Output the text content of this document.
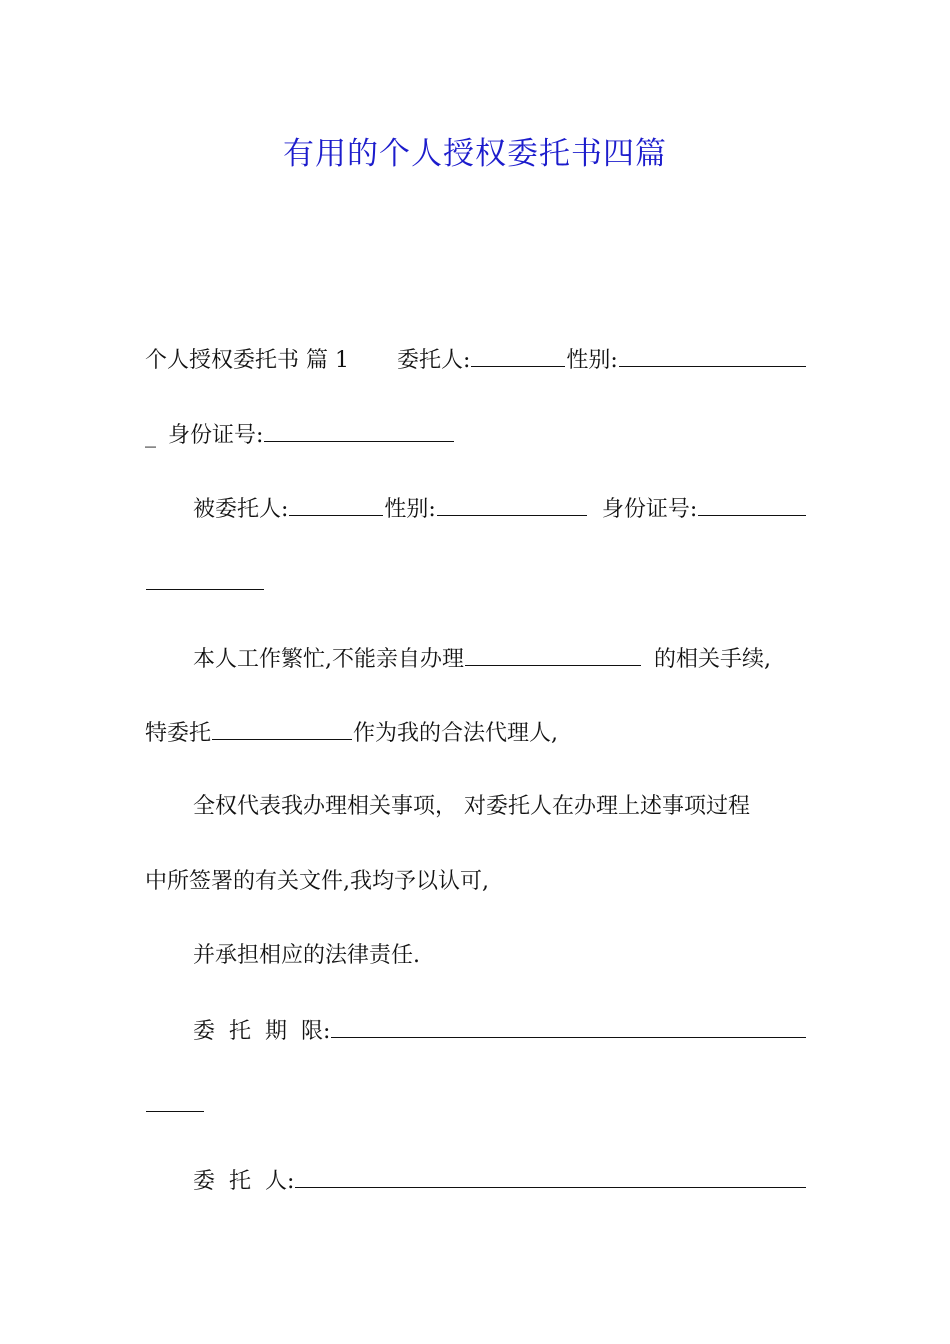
有用的个人授权委托书四篇
个人授权委托书 篇 1 委托人:	性别:
_ 身份证号:
被委托人:	性别:	身份证号:
本人工作繁忙,不能亲自办理	的相关手续,
特委托	作为我的合法代理人,
全权代表我办理相关事项， 对委托人在办理上述事项过程
中所签署的有关文件,我均予以认可,
并承担相应的法律责任.
委  托  期  限:
委  托  人:
